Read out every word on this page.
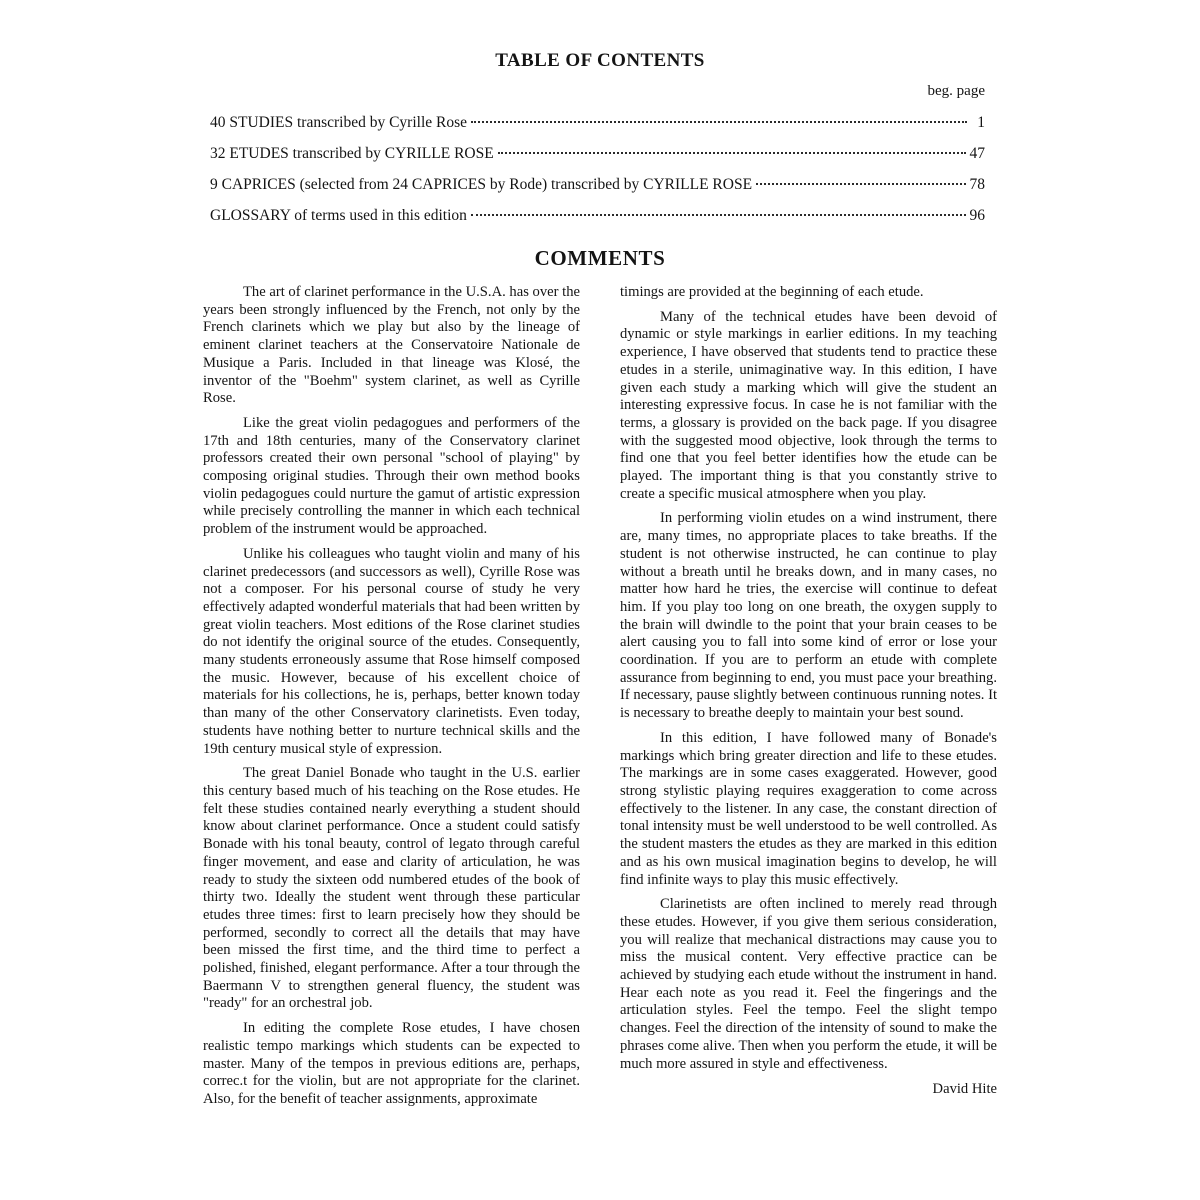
TABLE OF CONTENTS
beg. page
40 STUDIES transcribed by Cyrille Rose	1
32 ETUDES transcribed by CYRILLE ROSE	47
9 CAPRICES (selected from 24 CAPRICES by Rode) transcribed by CYRILLE ROSE	78
GLOSSARY of terms used in this edition	96
COMMENTS

The art of clarinet performance in the U.S.A. has over the years been strongly influenced by the French, not only by the French clarinets which we play but also by the lineage of eminent clarinet teachers at the Conservatoire Nationale de Musique a Paris. Included in that lineage was Klosé, the inventor of the "Boehm" system clarinet, as well as Cyrille Rose.

Like the great violin pedagogues and performers of the 17th and 18th centuries, many of the Conservatory clarinet professors created their own personal "school of playing" by composing original studies. Through their own method books violin pedagogues could nurture the gamut of artistic expression while precisely controlling the manner in which each technical problem of the instrument would be approached.

Unlike his colleagues who taught violin and many of his clarinet predecessors (and successors as well), Cyrille Rose was not a composer. For his personal course of study he very effectively adapted wonderful materials that had been written by great violin teachers. Most editions of the Rose clarinet studies do not identify the original source of the etudes. Consequently, many students erroneously assume that Rose himself composed the music. However, because of his excellent choice of materials for his collections, he is, perhaps, better known today than many of the other Conservatory clarinetists. Even today, students have nothing better to nurture technical skills and the 19th century musical style of expression.

The great Daniel Bonade who taught in the U.S. earlier this century based much of his teaching on the Rose etudes. He felt these studies contained nearly everything a student should know about clarinet performance. Once a student could satisfy Bonade with his tonal beauty, control of legato through careful finger movement, and ease and clarity of articulation, he was ready to study the sixteen odd numbered etudes of the book of thirty two. Ideally the student went through these particular etudes three times: first to learn precisely how they should be performed, secondly to correct all the details that may have been missed the first time, and the third time to perfect a polished, finished, elegant performance. After a tour through the Baermann V to strengthen general fluency, the student was "ready" for an orchestral job.

In editing the complete Rose etudes, I have chosen realistic tempo markings which students can be expected to master. Many of the tempos in previous editions are, perhaps, correc.t for the violin, but are not appropriate for the clarinet. Also, for the benefit of teacher assignments, approximate

timings are provided at the beginning of each etude.

Many of the technical etudes have been devoid of dynamic or style markings in earlier editions. In my teaching experience, I have observed that students tend to practice these etudes in a sterile, unimaginative way. In this edition, I have given each study a marking which will give the student an interesting expressive focus. In case he is not familiar with the terms, a glossary is provided on the back page. If you disagree with the suggested mood objective, look through the terms to find one that you feel better identifies how the etude can be played. The important thing is that you constantly strive to create a specific musical atmosphere when you play.

In performing violin etudes on a wind instrument, there are, many times, no appropriate places to take breaths. If the student is not otherwise instructed, he can continue to play without a breath until he breaks down, and in many cases, no matter how hard he tries, the exercise will continue to defeat him. If you play too long on one breath, the oxygen supply to the brain will dwindle to the point that your brain ceases to be alert causing you to fall into some kind of error or lose your coordination. If you are to perform an etude with complete assurance from beginning to end, you must pace your breathing. If necessary, pause slightly between continuous running notes. It is necessary to breathe deeply to maintain your best sound.

In this edition, I have followed many of Bonade's markings which bring greater direction and life to these etudes. The markings are in some cases exaggerated. However, good strong stylistic playing requires exaggeration to come across effectively to the listener. In any case, the constant direction of tonal intensity must be well understood to be well controlled. As the student masters the etudes as they are marked in this edition and as his own musical imagination begins to develop, he will find infinite ways to play this music effectively.

Clarinetists are often inclined to merely read through these etudes. However, if you give them serious consideration, you will realize that mechanical distractions may cause you to miss the musical content. Very effective practice can be achieved by studying each etude without the instrument in hand. Hear each note as you read it. Feel the fingerings and the articulation styles. Feel the tempo. Feel the slight tempo changes. Feel the direction of the intensity of sound to make the phrases come alive. Then when you perform the etude, it will be much more assured in style and effectiveness.

David Hite
